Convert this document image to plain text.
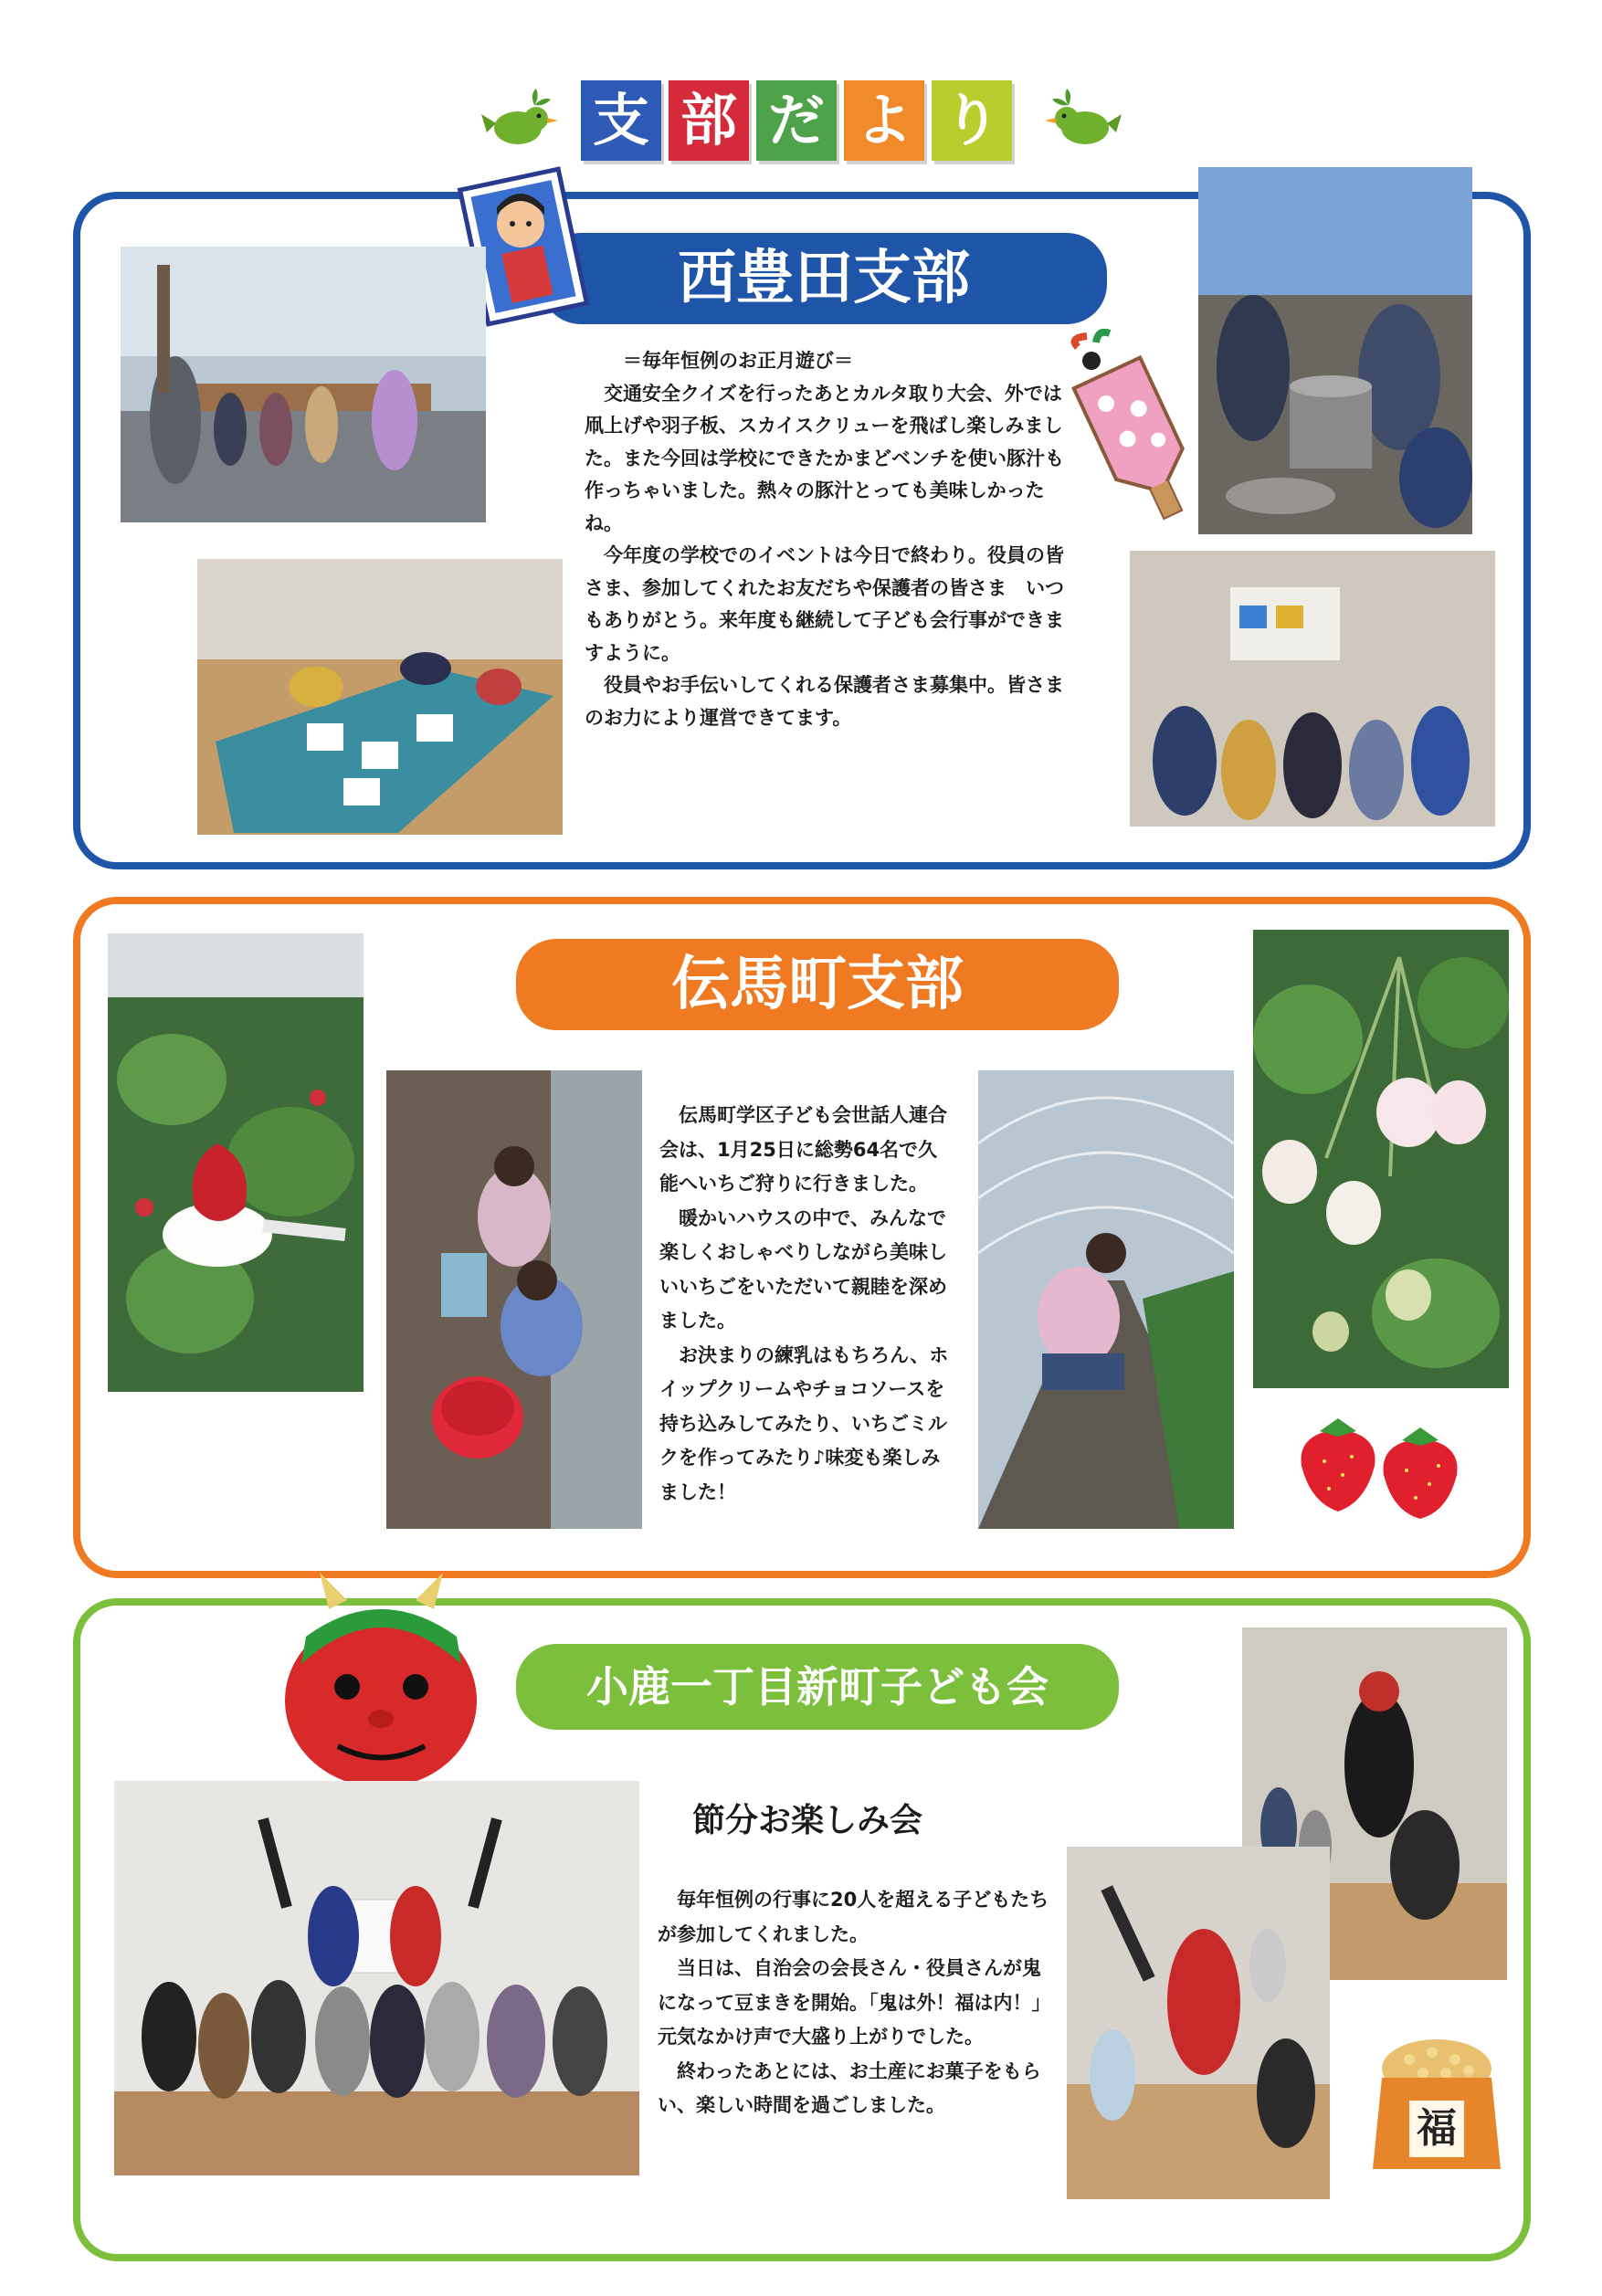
支 部 だ よ り
西豊田支部

＝毎年恒例のお正月遊び＝

交通安全クイズを行ったあとカルタ取り大会、外では凧上げや羽子板、スカイスクリューを飛ばし楽しみました。また今回は学校にできたかまどベンチを使い豚汁も作っちゃいました。熱々の豚汁とっても美味しかったね。

今年度の学校でのイベントは今日で終わり。役員の皆さま、参加してくれたお友だちや保護者の皆さま　いつもありがとう。来年度も継続して子ども会行事ができますように。

役員やお手伝いしてくれる保護者さま募集中。皆さまのお力により運営できてます。

伝馬町支部

伝馬町学区子ども会世話人連合会は、1月25日に総勢64名で久能へいちご狩りに行きました。

暖かいハウスの中で、みんなで楽しくおしゃべりしながら美味しいいちごをいただいて親睦を深めました。

お決まりの練乳はもちろん、ホイップクリームやチョコソースを持ち込みしてみたり、いちごミルクを作ってみたり♪味変も楽しみました！

小鹿一丁目新町子ども会
福
節分お楽しみ会

毎年恒例の行事に20人を超える子どもたちが参加してくれました。

当日は、自治会の会長さん・役員さんが鬼になって豆まきを開始。「鬼は外！福は内！」元気なかけ声で大盛り上がりでした。

終わったあとには、お土産にお菓子をもらい、楽しい時間を過ごしました。
